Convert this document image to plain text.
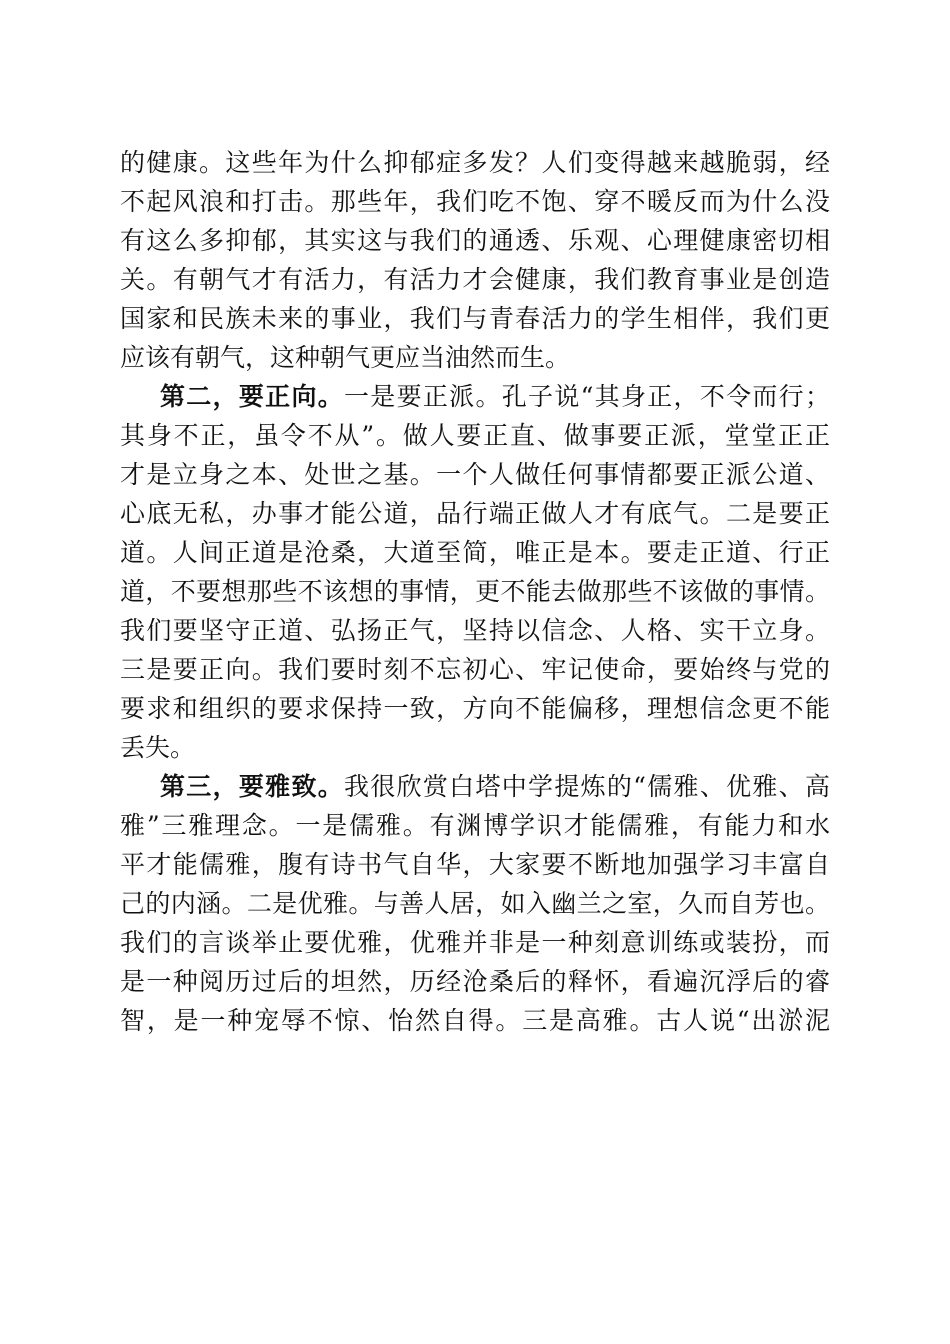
的健康。这些年为什么抑郁症多发？人们变得越来越脆弱，经
不起风浪和打击。那些年，我们吃不饱、穿不暖反而为什么没
有这么多抑郁，其实这与我们的通透、乐观、心理健康密切相
关。有朝气才有活力，有活力才会健康，我们教育事业是创造
国家和民族未来的事业，我们与青春活力的学生相伴，我们更
应该有朝气，这种朝气更应当油然而生。
第二，要正向。一是要正派。孔子说“其身正，不令而行；
其身不正，虽令不从”。做人要正直、做事要正派，堂堂正正
才是立身之本、处世之基。一个人做任何事情都要正派公道、
心底无私，办事才能公道，品行端正做人才有底气。二是要正
道。人间正道是沧桑，大道至简，唯正是本。要走正道、行正
道，不要想那些不该想的事情，更不能去做那些不该做的事情。
我们要坚守正道、弘扬正气，坚持以信念、人格、实干立身。
三是要正向。我们要时刻不忘初心、牢记使命，要始终与党的
要求和组织的要求保持一致，方向不能偏移，理想信念更不能
丢失。
第三，要雅致。我很欣赏白塔中学提炼的“儒雅、优雅、高
雅”三雅理念。一是儒雅。有渊博学识才能儒雅，有能力和水
平才能儒雅，腹有诗书气自华，大家要不断地加强学习丰富自
己的内涵。二是优雅。与善人居，如入幽兰之室，久而自芳也。
我们的言谈举止要优雅，优雅并非是一种刻意训练或装扮，而
是一种阅历过后的坦然，历经沧桑后的释怀，看遍沉浮后的睿
智，是一种宠辱不惊、怡然自得。三是高雅。古人说“出淤泥
